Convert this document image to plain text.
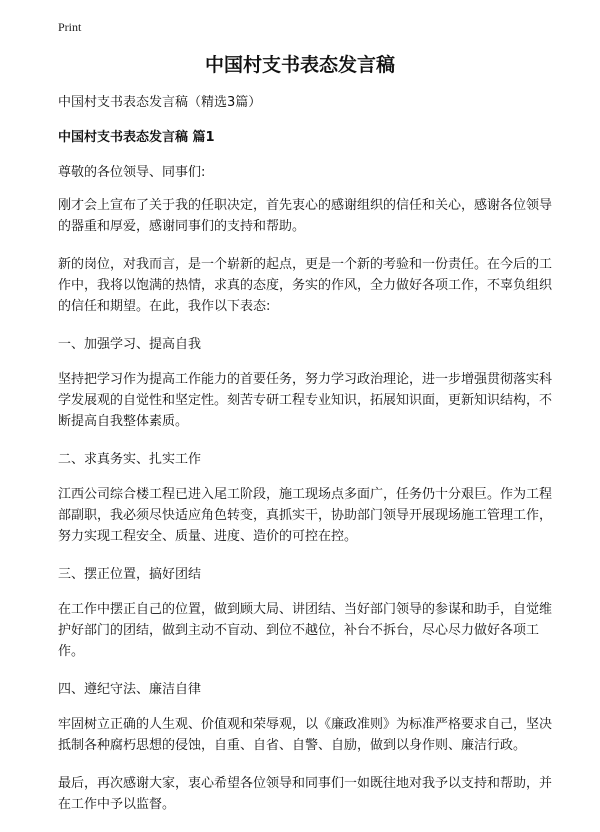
Print
中国村支书表态发言稿

中国村支书表态发言稿（精选3篇）

中国村支书表态发言稿 篇1

尊敬的各位领导、同事们:

刚才会上宣布了关于我的任职决定，首先衷心的感谢组织的信任和关心，感谢各位领导的器重和厚爱，感谢同事们的支持和帮助。

新的岗位，对我而言，是一个崭新的起点，更是一个新的考验和一份责任。在今后的工作中，我将以饱满的热情，求真的态度，务实的作风，全力做好各项工作，不辜负组织的信任和期望。在此，我作以下表态:

一、加强学习、提高自我

坚持把学习作为提高工作能力的首要任务，努力学习政治理论，进一步增强贯彻落实科学发展观的自觉性和坚定性。刻苦专研工程专业知识，拓展知识面，更新知识结构，不断提高自我整体素质。

二、求真务实、扎实工作

江西公司综合楼工程已进入尾工阶段，施工现场点多面广，任务仍十分艰巨。作为工程部副职，我必须尽快适应角色转变，真抓实干，协助部门领导开展现场施工管理工作，努力实现工程安全、质量、进度、造价的可控在控。

三、摆正位置，搞好团结

在工作中摆正自己的位置，做到顾大局、讲团结、当好部门领导的参谋和助手，自觉维护好部门的团结，做到主动不盲动、到位不越位，补台不拆台，尽心尽力做好各项工作。

四、遵纪守法、廉洁自律

牢固树立正确的人生观、价值观和荣辱观，以《廉政准则》为标准严格要求自己，坚决抵制各种腐朽思想的侵蚀，自重、自省、自警、自励，做到以身作则、廉洁行政。

最后，再次感谢大家，衷心希望各位领导和同事们一如既往地对我予以支持和帮助，并在工作中予以监督。
